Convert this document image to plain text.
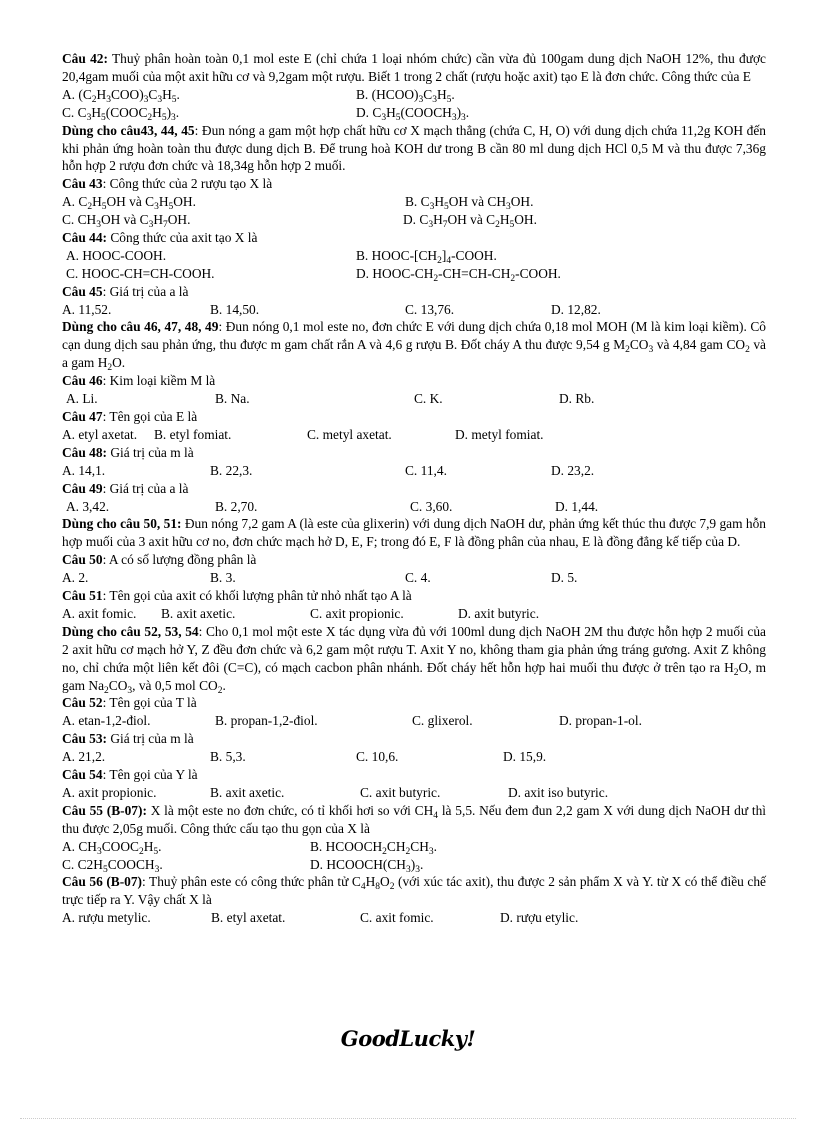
Câu 42: Thuỷ phân hoàn toàn 0,1 mol este E (chỉ chứa 1 loại nhóm chức) cần vừa đủ 100gam dung dịch NaOH 12%, thu được 20,4gam muối của một axit hữu cơ và 9,2gam một rượu. Biết 1 trong 2 chất (rượu hoặc axit) tạo E là đơn chức. Công thức của E

A. $(C_2H_3COO)_3C_3H_5$.	B. $(HCOO)_3C_3H_5$.
C. $C_3H_5(COOC_2H_5)_3$.	D. $C_3H_5(COOCH_3)_3$.

Dùng cho câu43, 44, 45: Đun nóng a gam một hợp chất hữu cơ X mạch thẳng (chứa C, H, O) với dung dịch chứa 11,2g KOH đến khi phản ứng hoàn toàn thu được dung dịch B. Để trung hoà KOH dư trong B cần 80 ml dung dịch HCl 0,5 M và thu được 7,36g hỗn hợp 2 rượu đơn chức và 18,34g hỗn hợp 2 muối.

Câu 43: Công thức của 2 rượu tạo X là

A. $C_2H_5OH$ và $C_3H_5OH$.	B. $C_3H_5OH$ và $CH_3OH$.
C. $CH_3OH$ và $C_3H_7OH$.	D. $C_3H_7OH$ và $C_2H_5OH$.

Câu 44: Công thức của axit tạo X là

A. HOOC-COOH.	B. HOOC-$[CH_2]_4$-COOH.
C. HOOC-CH=CH-COOH.	D. HOOC-$CH_2-CH=CH-CH_2$-COOH.

Câu 45: Giá trị của a là

A. 11,52.	B. 14,50.	C. 13,76.	D. 12,82.

Dùng cho câu 46, 47, 48, 49: Đun nóng 0,1 mol este no, đơn chức E với dung dịch chứa 0,18 mol MOH (M là kim loại kiềm). Cô cạn dung dịch sau phản ứng, thu được m gam chất rắn A và 4,6 g rượu B. Đốt cháy A thu được 9,54 g $M_2CO_3$ và 4,84 gam $CO_2$ và a gam $H_2O$.

Câu 46: Kim loại kiềm M là

A. Li.	B. Na.	C. K.	D. Rb.

Câu 47: Tên gọi của E là

A. etyl axetat. B. etyl fomiat.	C. metyl axetat.	D. metyl fomiat.

Câu 48: Giá trị của m là

A. 14,1.	B. 22,3.	C. 11,4.	D. 23,2.

Câu 49: Giá trị của a là

A. 3,42.	B. 2,70.	C. 3,60.	D. 1,44.

Dùng cho câu 50, 51: Đun nóng 7,2 gam A (là este của glixerin) với dung dịch NaOH dư, phản ứng kết thúc thu được 7,9 gam hỗn hợp muối của 3 axit hữu cơ no, đơn chức mạch hở D, E, F; trong đó E, F là đồng phân của nhau, E là đồng đẳng kế tiếp của D.

Câu 50: A có số lượng đồng phân là

A. 2.	B. 3.	C. 4.	D. 5.

Câu 51: Tên gọi của axit có khối lượng phân tử nhỏ nhất tạo A là

A. axit fomic. B. axit axetic.	C. axit propionic.	D. axit butyric.

Dùng cho câu 52, 53, 54: Cho 0,1 mol một este X tác dụng vừa đủ với 100ml dung dịch NaOH 2M thu được hỗn hợp 2 muối của 2 axit hữu cơ mạch hở Y, Z đều đơn chức và 6,2 gam một rượu T. Axit Y no, không tham gia phản ứng tráng gương. Axit Z không no, chỉ chứa một liên kết đôi (C=C), có mạch cacbon phân nhánh. Đốt cháy hết hỗn hợp hai muối thu được ở trên tạo ra $H_2O$, m gam $Na_2CO_3$, và 0,5 mol $CO_2$.

Câu 52: Tên gọi của T là

A. etan-1,2-điol.	B. propan-1,2-điol.	C. glixerol.	D. propan-1-ol.

Câu 53: Giá trị của m là

A. 21,2.	B. 5,3.	C. 10,6.	D. 15,9.

Câu 54: Tên gọi của Y là

A. axit propionic.	B. axit axetic.	C. axit butyric.	D. axit iso butyric.

Câu 55 (B-07): X là một este no đơn chức, có tỉ khối hơi so với $CH_4$ là 5,5. Nếu đem đun 2,2 gam X với dung dịch NaOH dư thì thu được 2,05g muối. Công thức cấu tạo thu gọn của X là

A. $CH_3COOC_2H_5$.	B. $HCOOCH_2CH_2CH_3$.
C. $C2H_5COOCH_3$.	D. $HCOOCH(CH_3)_3$.

Câu 56 (B-07): Thuỷ phân este có công thức phân tử $C_4H_8O_2$ (với xúc tác axit), thu được 2 sản phẩm X và Y. từ X có thể điều chế trực tiếp ra Y. Vậy chất X là

A. rượu metylic.	B. etyl axetat.	C. axit fomic.	D. rượu etylic.
GoodLucky!
